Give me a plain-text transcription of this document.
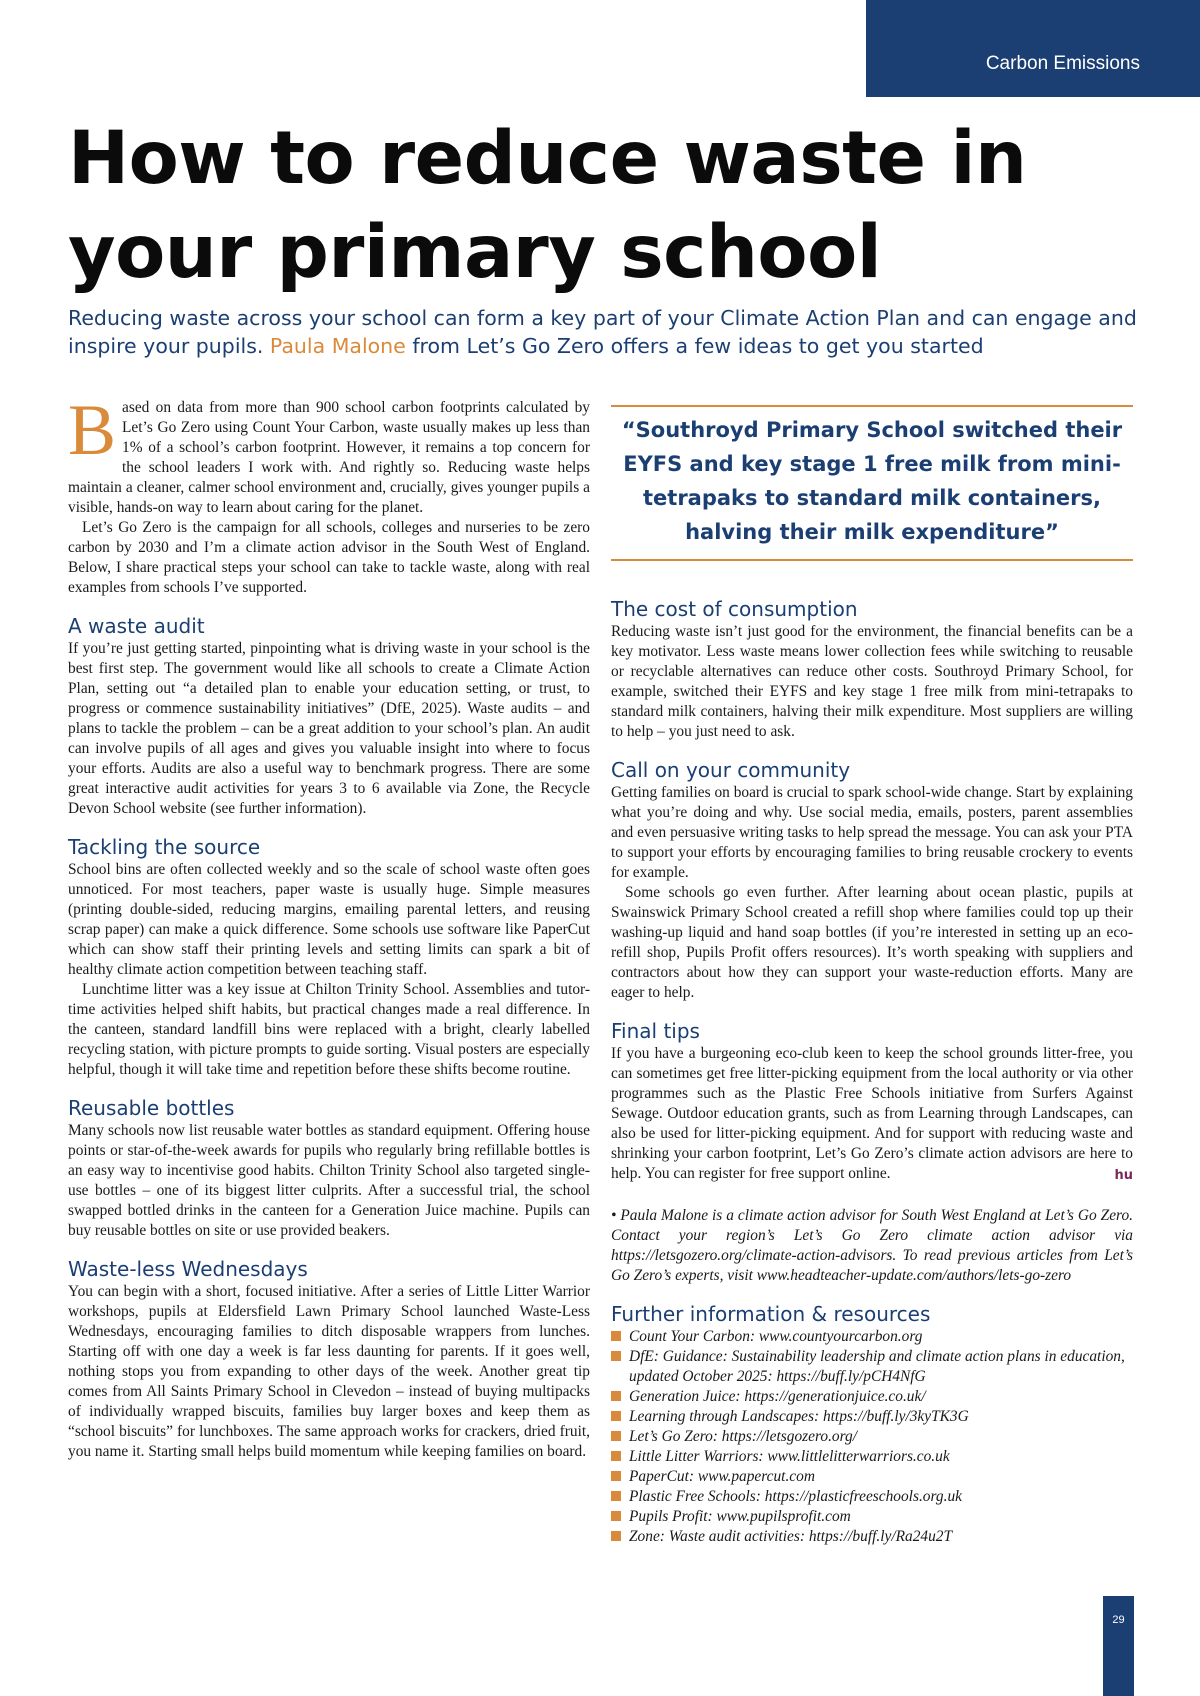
Carbon Emissions
How to reduce waste in your primary school

Reducing waste across your school can form a key part of your Climate Action Plan and can engage and inspire your pupils. Paula Malone from Let’s Go Zero offers a few ideas to get you started

Based on data from more than 900 school carbon footprints calculated by Let’s Go Zero using Count Your Carbon, waste usually makes up less than 1% of a school’s carbon footprint. However, it remains a top concern for the school leaders I work with. And rightly so. Reducing waste helps maintain a cleaner, calmer school environment and, crucially, gives younger pupils a visible, hands-on way to learn about caring for the planet.

Let’s Go Zero is the campaign for all schools, colleges and nurseries to be zero carbon by 2030 and I’m a climate action advisor in the South West of England. Below, I share practical steps your school can take to tackle waste, along with real examples from schools I’ve supported.

A waste audit

If you’re just getting started, pinpointing what is driving waste in your school is the best first step. The government would like all schools to create a Climate Action Plan, setting out “a detailed plan to enable your education setting, or trust, to progress or commence sustainability initiatives” (DfE, 2025). Waste audits – and plans to tackle the problem – can be a great addition to your school’s plan. An audit can involve pupils of all ages and gives you valuable insight into where to focus your efforts. Audits are also a useful way to benchmark progress. There are some great interactive audit activities for years 3 to 6 available via Zone, the Recycle Devon School website (see further information).

Tackling the source

School bins are often collected weekly and so the scale of school waste often goes unnoticed. For most teachers, paper waste is usually huge. Simple measures (printing double-sided, reducing margins, emailing parental letters, and reusing scrap paper) can make a quick difference. Some schools use software like PaperCut which can show staff their printing levels and setting limits can spark a bit of healthy climate action competition between teaching staff.

Lunchtime litter was a key issue at Chilton Trinity School. Assemblies and tutor-time activities helped shift habits, but practical changes made a real difference. In the canteen, standard landfill bins were replaced with a bright, clearly labelled recycling station, with picture prompts to guide sorting. Visual posters are especially helpful, though it will take time and repetition before these shifts become routine.

Reusable bottles

Many schools now list reusable water bottles as standard equipment. Offering house points or star-of-the-week awards for pupils who regularly bring refillable bottles is an easy way to incentivise good habits. Chilton Trinity School also targeted single-use bottles – one of its biggest litter culprits. After a successful trial, the school swapped bottled drinks in the canteen for a Generation Juice machine. Pupils can buy reusable bottles on site or use provided beakers.

Waste-less Wednesdays

You can begin with a short, focused initiative. After a series of Little Litter Warrior workshops, pupils at Eldersfield Lawn Primary School launched Waste-Less Wednesdays, encouraging families to ditch disposable wrappers from lunches. Starting off with one day a week is far less daunting for parents. If it goes well, nothing stops you from expanding to other days of the week. Another great tip comes from All Saints Primary School in Clevedon – instead of buying multipacks of individually wrapped biscuits, families buy larger boxes and keep them as “school biscuits” for lunchboxes. The same approach works for crackers, dried fruit, you name it. Starting small helps build momentum while keeping families on board.

“Southroyd Primary School switched their EYFS and key stage 1 free milk from mini-tetrapaks to standard milk containers, halving their milk expenditure”
The cost of consumption

Reducing waste isn’t just good for the environment, the financial benefits can be a key motivator. Less waste means lower collection fees while switching to reusable or recyclable alternatives can reduce other costs. Southroyd Primary School, for example, switched their EYFS and key stage 1 free milk from mini-tetrapaks to standard milk containers, halving their milk expenditure. Most suppliers are willing to help – you just need to ask.

Call on your community

Getting families on board is crucial to spark school-wide change. Start by explaining what you’re doing and why. Use social media, emails, posters, parent assemblies and even persuasive writing tasks to help spread the message. You can ask your PTA to support your efforts by encouraging families to bring reusable crockery to events for example.

Some schools go even further. After learning about ocean plastic, pupils at Swainswick Primary School created a refill shop where families could top up their washing-up liquid and hand soap bottles (if you’re interested in setting up an eco-refill shop, Pupils Profit offers resources). It’s worth speaking with suppliers and contractors about how they can support your waste-reduction efforts. Many are eager to help.

Final tips

If you have a burgeoning eco-club keen to keep the school grounds litter-free, you can sometimes get free litter-picking equipment from the local authority or via other programmes such as the Plastic Free Schools initiative from Surfers Against Sewage. Outdoor education grants, such as from Learning through Landscapes, can also be used for litter-picking equipment. And for support with reducing waste and shrinking your carbon footprint, Let’s Go Zero’s climate action advisors are here to help. You can register for free support online.	hu

• Paula Malone is a climate action advisor for South West England at Let’s Go Zero. Contact your region’s Let’s Go Zero climate action advisor via https://letsgozero.org/climate-action-advisors. To read previous articles from Let’s Go Zero’s experts, visit www.headteacher-update.com/authors/lets-go-zero

Further information & resources
Count Your Carbon: www.countyourcarbon.org
DfE: Guidance: Sustainability leadership and climate action plans in education, updated October 2025: https://buff.ly/pCH4NfG
Generation Juice: https://generationjuice.co.uk/
Learning through Landscapes: https://buff.ly/3kyTK3G
Let’s Go Zero: https://letsgozero.org/
Little Litter Warriors: www.littlelitterwarriors.co.uk
PaperCut: www.papercut.com
Plastic Free Schools: https://plasticfreeschools.org.uk
Pupils Profit: www.pupilsprofit.com
Zone: Waste audit activities: https://buff.ly/Ra24u2T
29
